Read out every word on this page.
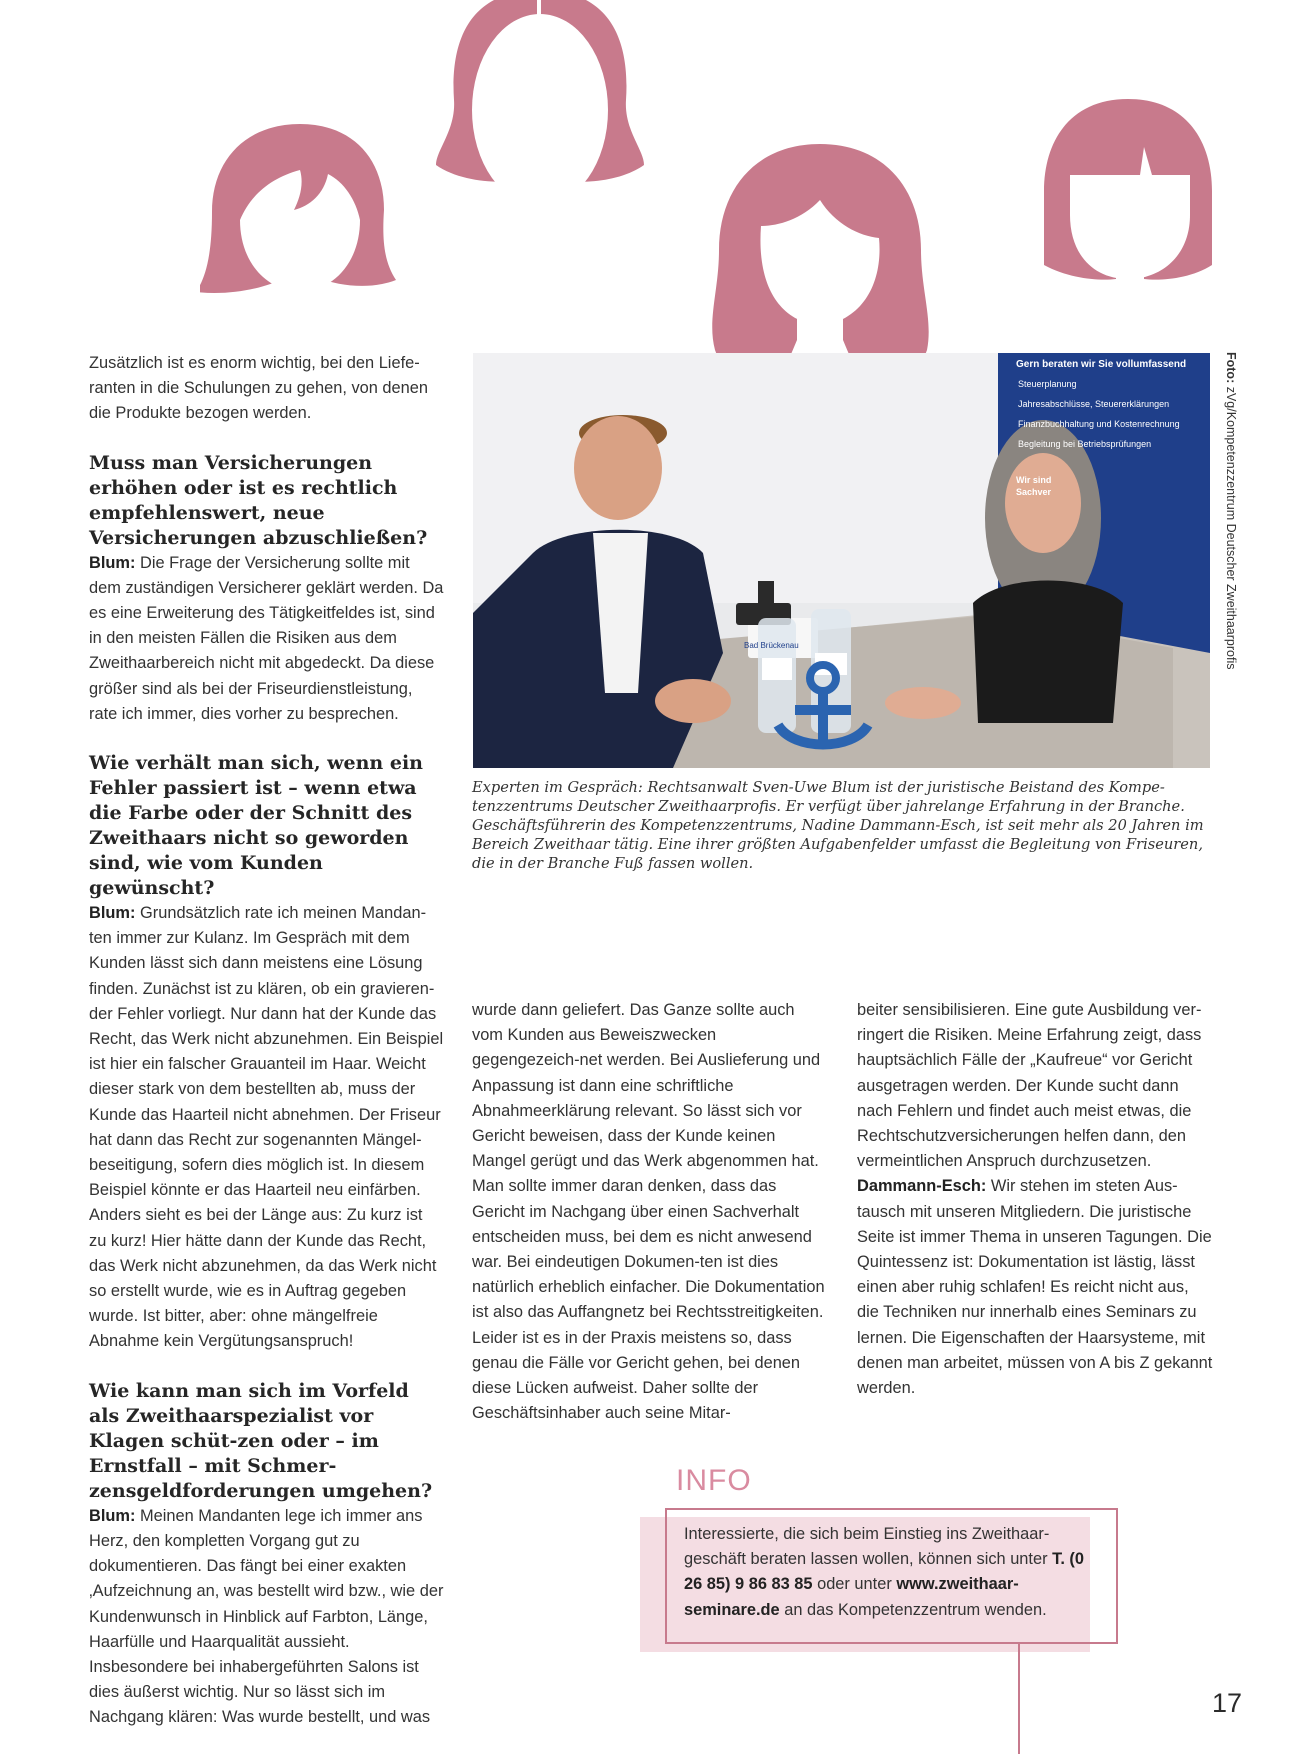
Bad Brückenau
Gern beraten wir Sie vollumfassend
Steuerplanung
Jahresabschlüsse, Steuererklärungen
Finanzbuchhaltung und Kostenrechnung
Begleitung bei Betriebsprüfungen
Wir sind
Sachver
Foto: zVg/Kompetenzzentrum Deutscher Zweithaarprofis
Experten im Gespräch: Rechtsanwalt Sven-Uwe Blum ist der juristische Beistand des Kompe-tenzzentrums Deutscher Zweithaarprofis. Er verfügt über jahrelange Erfahrung in der Branche. Geschäftsführerin des Kompetenzzentrums, Nadine Dammann-Esch, ist seit mehr als 20 Jahren im Bereich Zweithaar tätig. Eine ihrer größten Aufgabenfelder umfasst die Begleitung von Friseuren, die in der Branche Fuß fassen wollen.

Zusätzlich ist es enorm wichtig, bei den Liefe-ranten in die Schulungen zu gehen, von denen die Produkte bezogen werden.

Muss man Versicherungen erhöhen oder ist es rechtlich empfehlenswert, neue Versicherungen abzuschließen?

Blum: Die Frage der Versicherung sollte mit dem zuständigen Versicherer geklärt werden. Da es eine Erweiterung des Tätigkeitfeldes ist, sind in den meisten Fällen die Risiken aus dem Zweithaarbereich nicht mit abgedeckt. Da diese größer sind als bei der Friseurdienstleistung, rate ich immer, dies vorher zu besprechen.

Wie verhält man sich, wenn ein Fehler passiert ist – wenn etwa die Farbe oder der Schnitt des Zweithaars nicht so geworden sind, wie vom Kunden gewünscht?

Blum: Grundsätzlich rate ich meinen Mandan-ten immer zur Kulanz. Im Gespräch mit dem Kunden lässt sich dann meistens eine Lösung finden. Zunächst ist zu klären, ob ein gravieren-der Fehler vorliegt. Nur dann hat der Kunde das Recht, das Werk nicht abzunehmen. Ein Beispiel ist hier ein falscher Grauanteil im Haar. Weicht dieser stark von dem bestellten ab, muss der Kunde das Haarteil nicht abnehmen. Der Friseur hat dann das Recht zur sogenannten Mängel-beseitigung, sofern dies möglich ist. In diesem Beispiel könnte er das Haarteil neu einfärben. Anders sieht es bei der Länge aus: Zu kurz ist zu kurz! Hier hätte dann der Kunde das Recht, das Werk nicht abzunehmen, da das Werk nicht so erstellt wurde, wie es in Auftrag gegeben wurde. Ist bitter, aber: ohne mängelfreie Abnahme kein Vergütungsanspruch!

Wie kann man sich im Vorfeld als Zweithaarspezialist vor Klagen schüt-zen oder – im Ernstfall – mit Schmer-zensgeldforderungen umgehen?

Blum: Meinen Mandanten lege ich immer ans Herz, den kompletten Vorgang gut zu dokumentieren. Das fängt bei einer exakten ‚Aufzeichnung an, was bestellt wird bzw., wie der Kundenwunsch in Hinblick auf Farbton, Länge, Haarfülle und Haarqualität aussieht. Insbesondere bei inhabergeführten Salons ist dies äußerst wichtig. Nur so lässt sich im Nachgang klären: Was wurde bestellt, und was

wurde dann geliefert. Das Ganze sollte auch vom Kunden aus Beweiszwecken gegengezeich-net werden. Bei Auslieferung und Anpassung ist dann eine schriftliche Abnahmeerklärung relevant. So lässt sich vor Gericht beweisen, dass der Kunde keinen Mangel gerügt und das Werk abgenommen hat. Man sollte immer daran denken, dass das Gericht im Nachgang über einen Sachverhalt entscheiden muss, bei dem es nicht anwesend war. Bei eindeutigen Dokumen-ten ist dies natürlich erheblich einfacher. Die Dokumentation ist also das Auffangnetz bei Rechtsstreitigkeiten. Leider ist es in der Praxis meistens so, dass genau die Fälle vor Gericht gehen, bei denen diese Lücken aufweist. Daher sollte der Geschäftsinhaber auch seine Mitar-

beiter sensibilisieren. Eine gute Ausbildung ver-ringert die Risiken. Meine Erfahrung zeigt, dass hauptsächlich Fälle der „Kaufreue“ vor Gericht ausgetragen werden. Der Kunde sucht dann nach Fehlern und findet auch meist etwas, die Rechtschutzversicherungen helfen dann, den vermeintlichen Anspruch durchzusetzen.

Dammann-Esch: Wir stehen im steten Aus-tausch mit unseren Mitgliedern. Die juristische Seite ist immer Thema in unseren Tagungen. Die Quintessenz ist: Dokumentation ist lästig, lässt einen aber ruhig schlafen! Es reicht nicht aus, die Techniken nur innerhalb eines Seminars zu lernen. Die Eigenschaften der Haarsysteme, mit denen man arbeitet, müssen von A bis Z gekannt werden.

INFO
Interessierte, die sich beim Einstieg ins Zweithaar-geschäft beraten lassen wollen, können sich unter T. (0 26 85) 9 86 83 85 oder unter www.zweithaar-seminare.de an das Kompetenzzentrum wenden.
17
